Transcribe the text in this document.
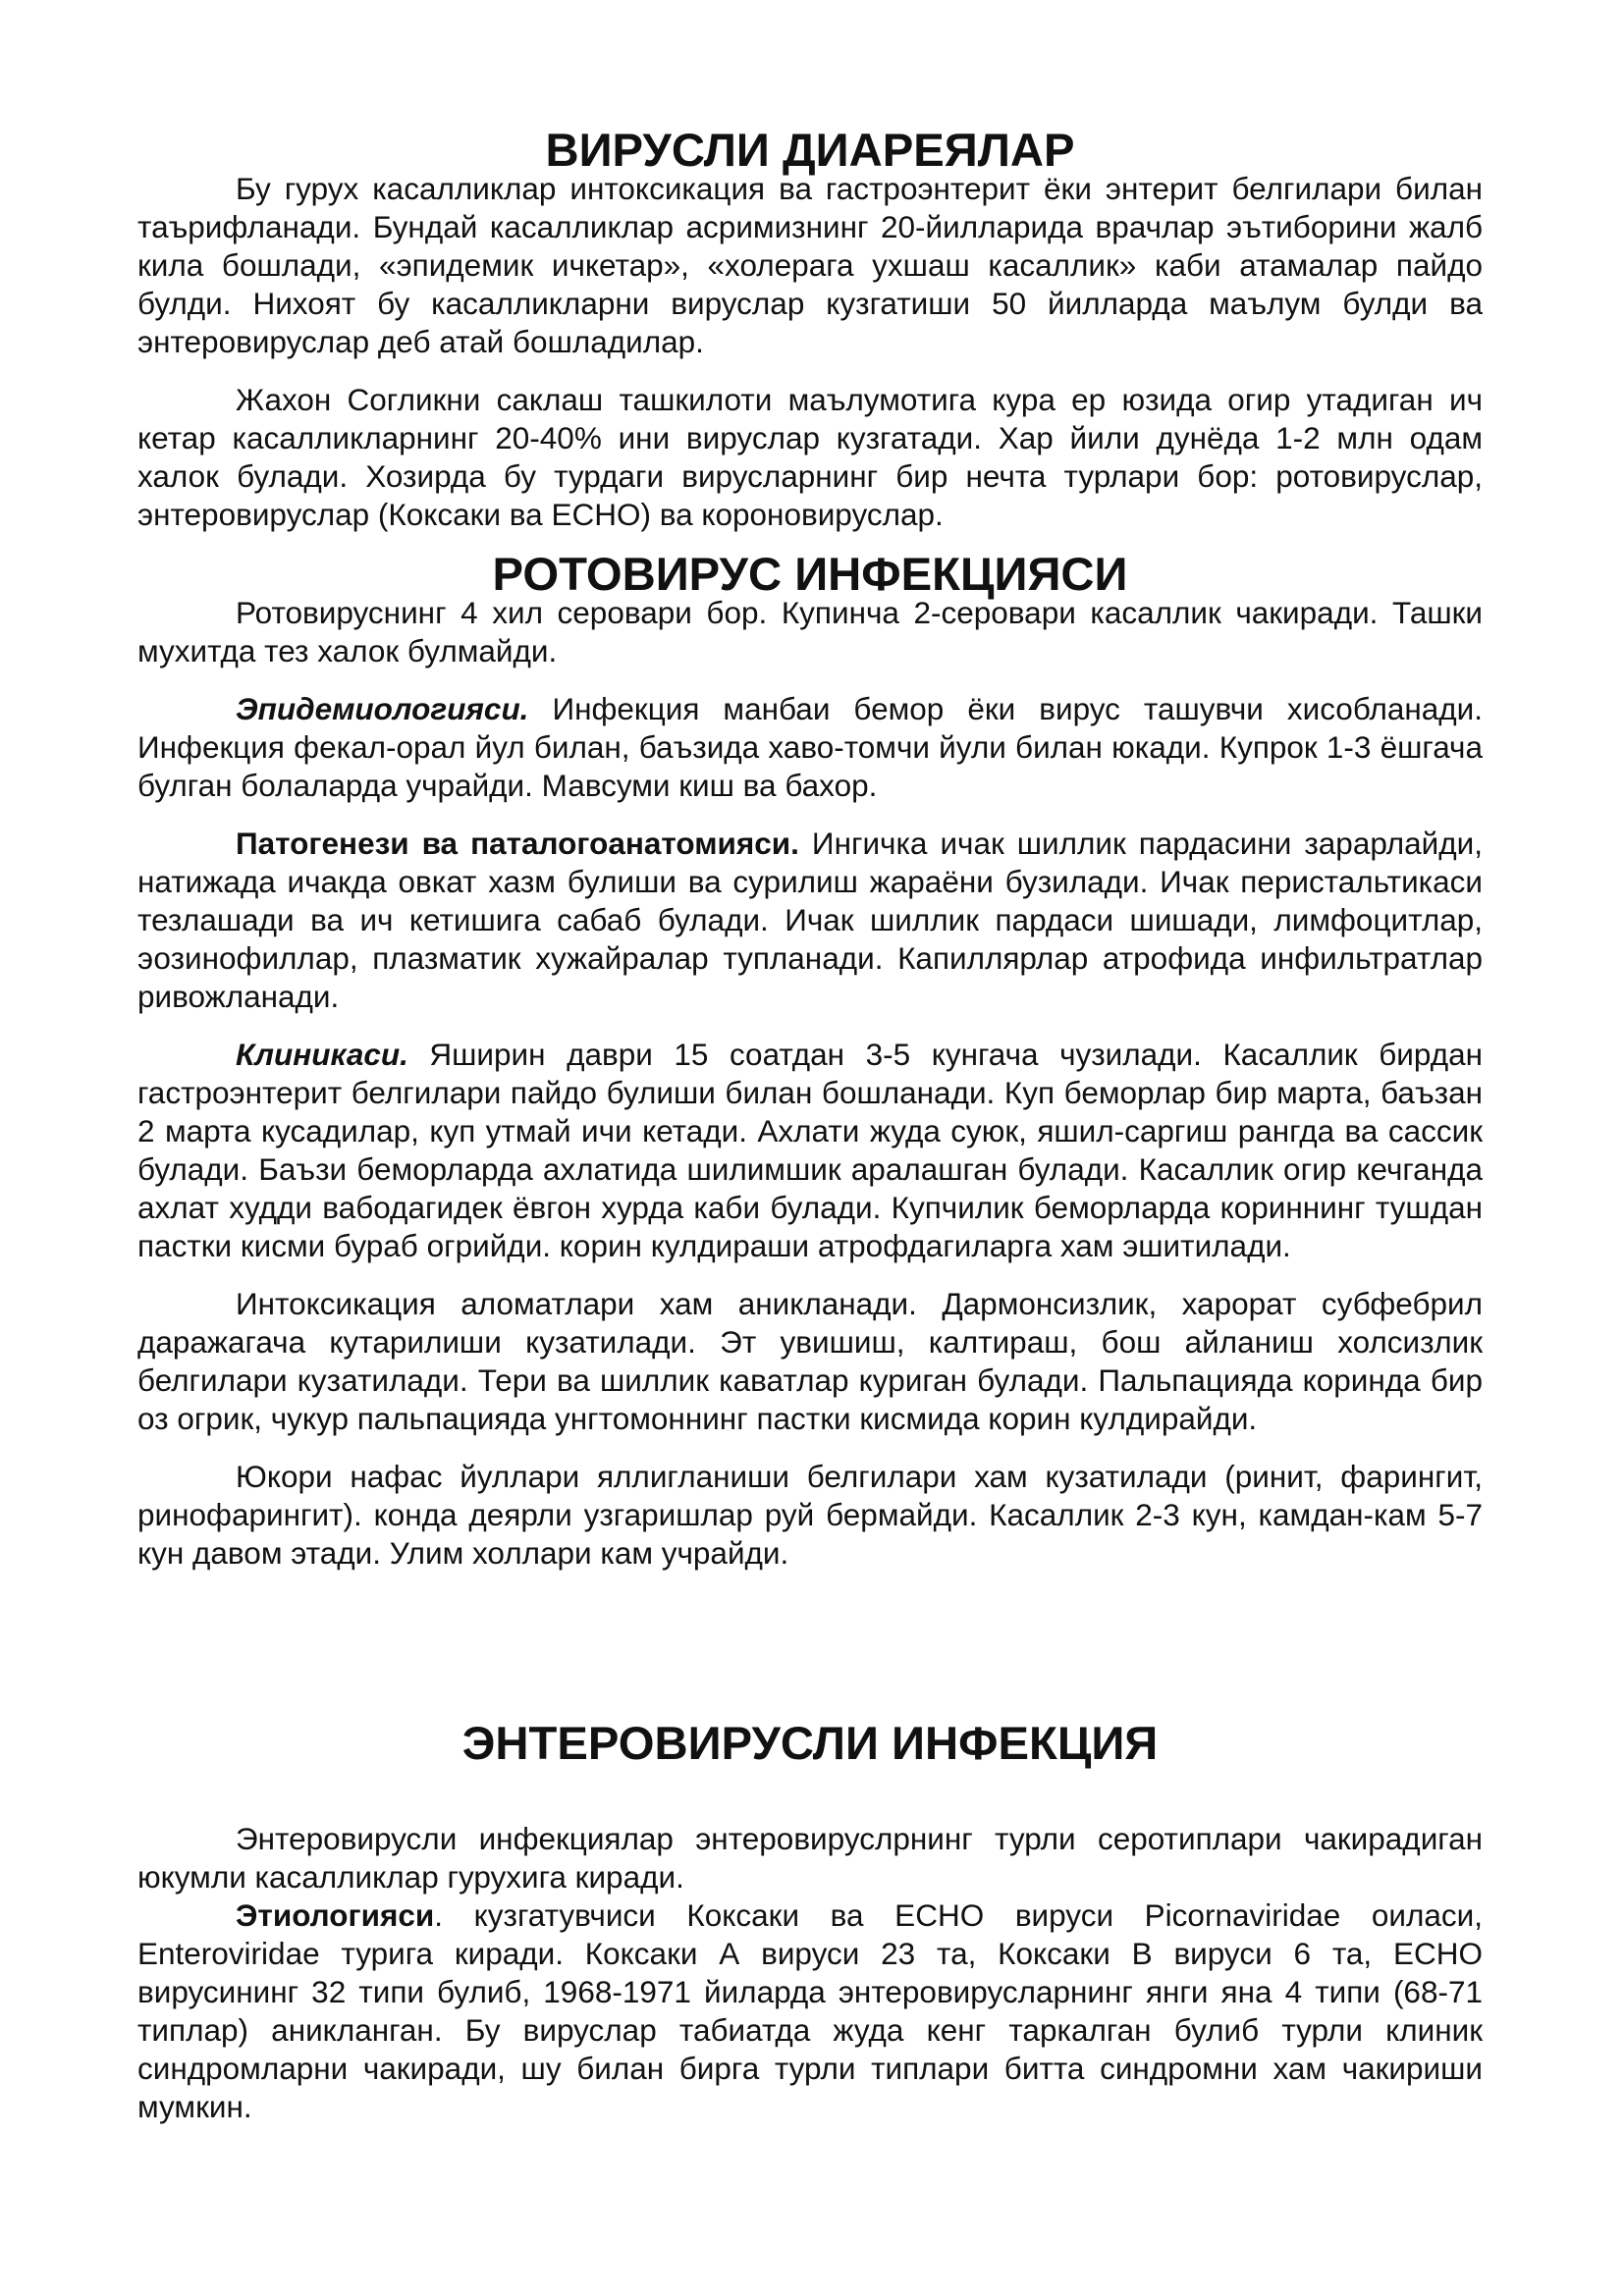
ВИРУСЛИ ДИАРЕЯЛАР

Бу гурух касалликлар интоксикация ва гастроэнтерит ёки энтерит белгилари билан таърифланади. Бундай касалликлар асримизнинг 20-йилларида врачлар эътиборини жалб кила бошлади, «эпидемик ичкетар», «холерага ухшаш касаллик» каби атамалар пайдо булди. Нихоят бу касалликларни вируслар кузгатиши 50 йилларда маълум булди ва энтеровируслар деб атай бошладилар.

Жахон Согликни саклаш ташкилоти маълумотига кура ер юзида огир утадиган ич кетар касалликларнинг 20-40% ини вируслар кузгатади. Хар йили дунёда 1-2 млн одам халок булади. Хозирда бу турдаги вирусларнинг бир нечта турлари бор: ротовируслар, энтеровируслар (Коксаки ва ЕСНО) ва короновируслар.

РОТОВИРУС ИНФЕКЦИЯСИ

Ротовируснинг 4 хил серовари бор. Купинча 2-серовари касаллик чакиради. Ташки мухитда тез халок булмайди.

Эпидемиологияси. Инфекция манбаи бемор ёки вирус ташувчи хисобланади. Инфекция фекал-орал йул билан, баъзида хаво-томчи йули билан юкади. Купрок 1-3 ёшгача булган болаларда учрайди. Мавсуми киш ва бахор.

Патогенези ва паталогоанатомияси. Ингичка ичак шиллик пардасини зарарлайди, натижада ичакда овкат хазм булиши ва сурилиш жараёни бузилади. Ичак перистальтикаси тезлашади ва ич кетишига сабаб булади. Ичак шиллик пардаси шишади, лимфоцитлар, эозинофиллар, плазматик хужайралар тупланади. Капиллярлар атрофида инфильтратлар ривожланади.

Клиникаси. Яширин даври 15 соатдан 3-5 кунгача чузилади. Касаллик бирдан гастроэнтерит белгилари пайдо булиши билан бошланади. Куп беморлар бир марта, баъзан 2 марта кусадилар, куп утмай ичи кетади. Ахлати жуда суюк, яшил-саргиш рангда ва сассик булади. Баъзи беморларда ахлатида шилимшик аралашган булади. Касаллик огир кечганда ахлат худди вабодагидек ёвгон хурда каби булади. Купчилик беморларда кориннинг тушдан пастки кисми бураб огрийди. корин кулдираши атрофдагиларга хам эшитилади.

Интоксикация аломатлари хам аникланади. Дармонсизлик, харорат субфебрил даражагача кутарилиши кузатилади. Эт увишиш, калтираш, бош айланиш холсизлик белгилари кузатилади. Тери ва шиллик каватлар куриган булади. Пальпацияда коринда бир оз огрик, чукур пальпацияда унгтомоннинг пастки кисмида корин кулдирайди.

Юкори нафас йуллари яллигланиши белгилари хам кузатилади (ринит, фарингит, ринофарингит). конда деярли узгаришлар руй бермайди. Касаллик 2-3 кун, камдан-кам 5-7 кун давом этади. Улим холлари кам учрайди.

ЭНТЕРОВИРУСЛИ ИНФЕКЦИЯ

Энтеровирусли инфекциялар энтеровируслрнинг турли серотиплари чакирадиган юкумли касалликлар гурухига киради.

Этиологияси. кузгатувчиси Коксаки ва ЕСНО вируси Picornaviridae оиласи, Enteroviridae турига киради. Коксаки А вируси 23 та, Коксаки В вируси 6 та, ЕСНО вирусининг 32 типи булиб, 1968-1971 йиларда энтеровирусларнинг янги яна 4 типи (68-71 типлар) аникланган. Бу вируслар табиатда жуда кенг таркалган булиб турли клиник синдромларни чакиради, шу билан бирга турли типлари битта синдромни хам чакириши мумкин.
